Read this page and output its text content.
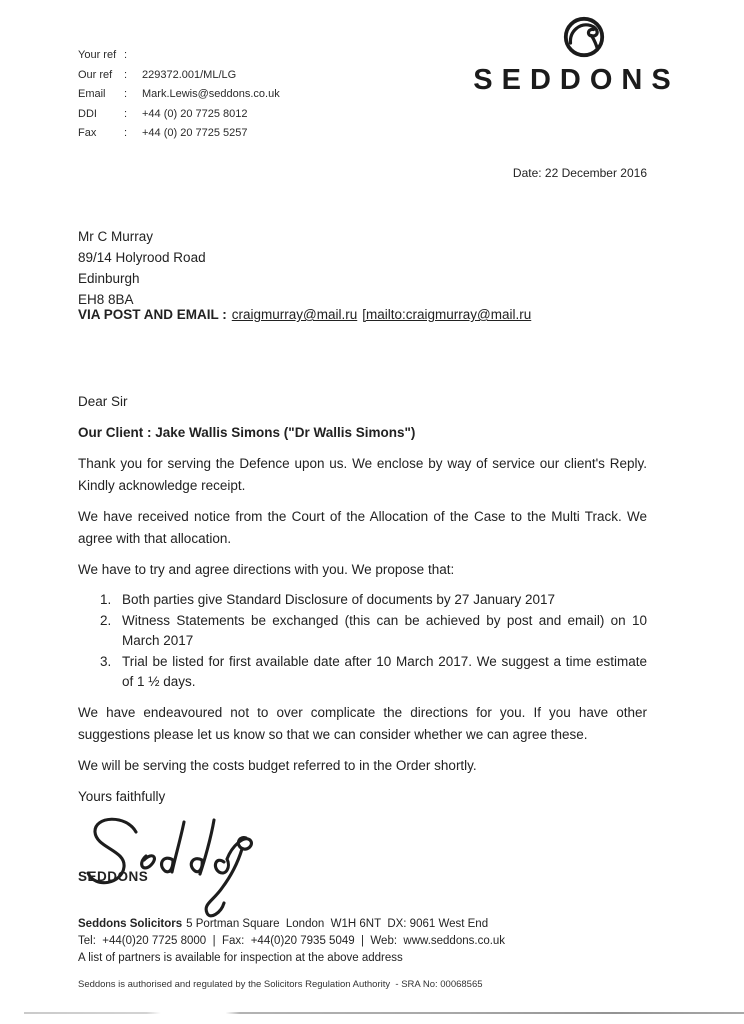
Your ref :
Our ref	:	229372.001/ML/LG
Email	:	Mark.Lewis@seddons.co.uk
DDI	:	+44 (0) 20 7725 8012
Fax	:	+44 (0) 20 7725 5257
SEDDONS
Date: 22 December 2016
Mr C Murray
89/14 Holyrood Road
Edinburgh
EH8 8BA
VIA POST AND EMAIL : craigmurray@mail.ru [mailto:craigmurray@mail.ru

Dear Sir

Our Client : Jake Wallis Simons ("Dr Wallis Simons")

Thank you for serving the Defence upon us. We enclose by way of service our client's Reply. Kindly acknowledge receipt.

We have received notice from the Court of the Allocation of the Case to the Multi Track. We agree with that allocation.

We have to try and agree directions with you. We propose that:

1. Both parties give Standard Disclosure of documents by 27 January 2017
2. Witness Statements be exchanged (this can be achieved by post and email) on 10 March 2017
3. Trial be listed for first available date after 10 March 2017. We suggest a time estimate of 1 ½ days.

We have endeavoured not to over complicate the directions for you. If you have other suggestions please let us know so that we can consider whether we can agree these.

We will be serving the costs budget referred to in the Order shortly.

Yours faithfully

SEDDONS
Seddons Solicitors 5 Portman Square  London  W1H 6NT  DX: 9061 West End
Tel:  +44(0)20 7725 8000  |  Fax:  +44(0)20 7935 5049  |  Web:  www.seddons.co.uk
A list of partners is available for inspection at the above address
Seddons is authorised and regulated by the Solicitors Regulation Authority  - SRA No: 00068565
